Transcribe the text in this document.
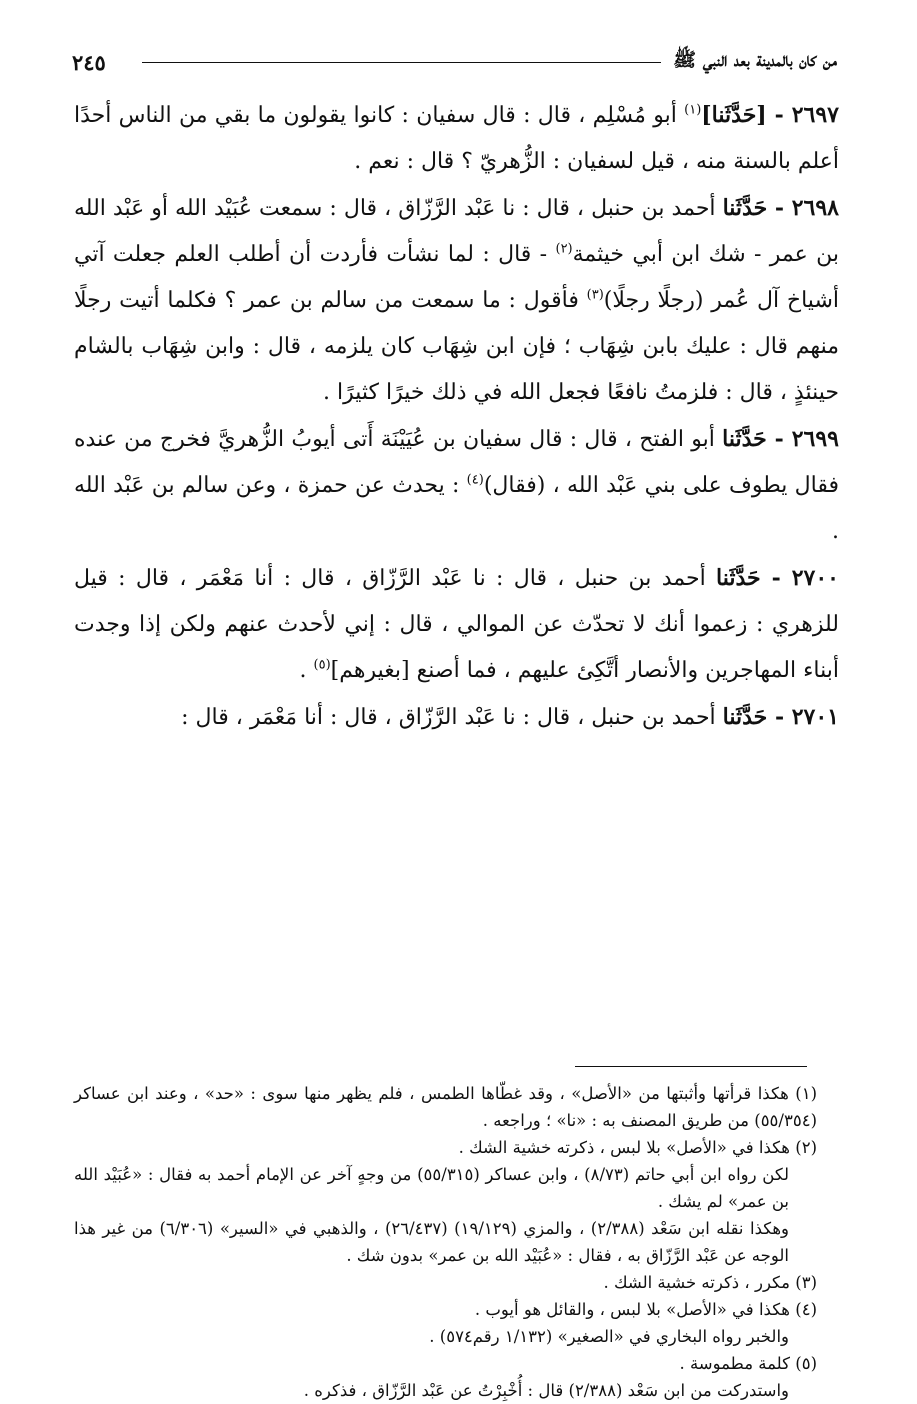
من كان بالمدينة بعد النبي ﷺ
٢٤٥

٢٦٩٧ - [حَدَّثَنا]$^{(١)}$ أبو مُسْلِم ، قال : قال سفيان : كانوا يقولون ما بقي من الناس أحدًا أعلم بالسنة منه ، قيل لسفيان : الزُّهريّ ؟ قال : نعم .

٢٦٩٨ - حَدَّثَنا أحمد بن حنبل ، قال : نا عَبْد الرَّزّاق ، قال : سمعت عُبَيْد الله أو عَبْد الله بن عمر - شك ابن أبي خيثمة$^{(٢)}$ - قال : لما نشأت فأردت أن أطلب العلم جعلت آتي أشياخ آل عُمر (رجلًا رجلًا)$^{(٣)}$ فأقول : ما سمعت من سالم بن عمر ؟ فكلما أتيت رجلًا منهم قال : عليك بابن شِهَاب ؛ فإن ابن شِهَاب كان يلزمه ، قال : وابن شِهَاب بالشام حينئذٍ ، قال : فلزمتُ نافعًا فجعل الله في ذلك خيرًا كثيرًا .

٢٦٩٩ - حَدَّثَنا أبو الفتح ، قال : قال سفيان بن عُيَيْنَة أَتى أيوبُ الزُّهريَّ فخرج من عنده فقال يطوف على بني عَبْد الله ، (فقال)$^{(٤)}$ : يحدث عن حمزة ، وعن سالم بن عَبْد الله .

٢٧٠٠ - حَدَّثَنا أحمد بن حنبل ، قال : نا عَبْد الرَّزّاق ، قال : أنا مَعْمَر ، قال : قيل للزهري : زعموا أنك لا تحدّث عن الموالي ، قال : إني لأحدث عنهم ولكن إذا وجدت أبناء المهاجرين والأنصار أتَّكِئ عليهم ، فما أصنع [بغيرهم]$^{(٥)}$ .

٢٧٠١ - حَدَّثَنا أحمد بن حنبل ، قال : نا عَبْد الرَّزّاق ، قال : أنا مَعْمَر ، قال :

(١) هكذا قرأتها وأثبتها من «الأصل» ، وقد غطّاها الطمس ، فلم يظهر منها سوى : «حد» ، وعند ابن عساكر (٥٥/٣٥٤) من طريق المصنف به : «نا» ؛ وراجعه .

(٢) هكذا في «الأصل» بلا لبس ، ذكرته خشية الشك .

لكن رواه ابن أبي حاتم (٨/٧٣) ، وابن عساكر (٥٥/٣١٥) من وجهٍ آخر عن الإمام أحمد به فقال : «عُبَيْد الله بن عمر» لم يشك .

وهكذا نقله ابن سَعْد (٢/٣٨٨) ، والمزي (١٩/١٢٩) (٢٦/٤٣٧) ، والذهبي في «السير» (٦/٣٠٦) من غير هذا الوجه عن عَبْد الرَّزّاق به ، فقال : «عُبَيْد الله بن عمر» بدون شك .

(٣) مكرر ، ذكرته خشية الشك .

(٤) هكذا في «الأصل» بلا لبس ، والقائل هو أيوب .

والخبر رواه البخاري في «الصغير» (١/١٣٢ رقم٥٧٤) .

(٥) كلمة مطموسة .

واستدركت من ابن سَعْد (٢/٣٨٨) قال : أُخْبِرْتُ عن عَبْد الرَّزّاق ، فذكره .
